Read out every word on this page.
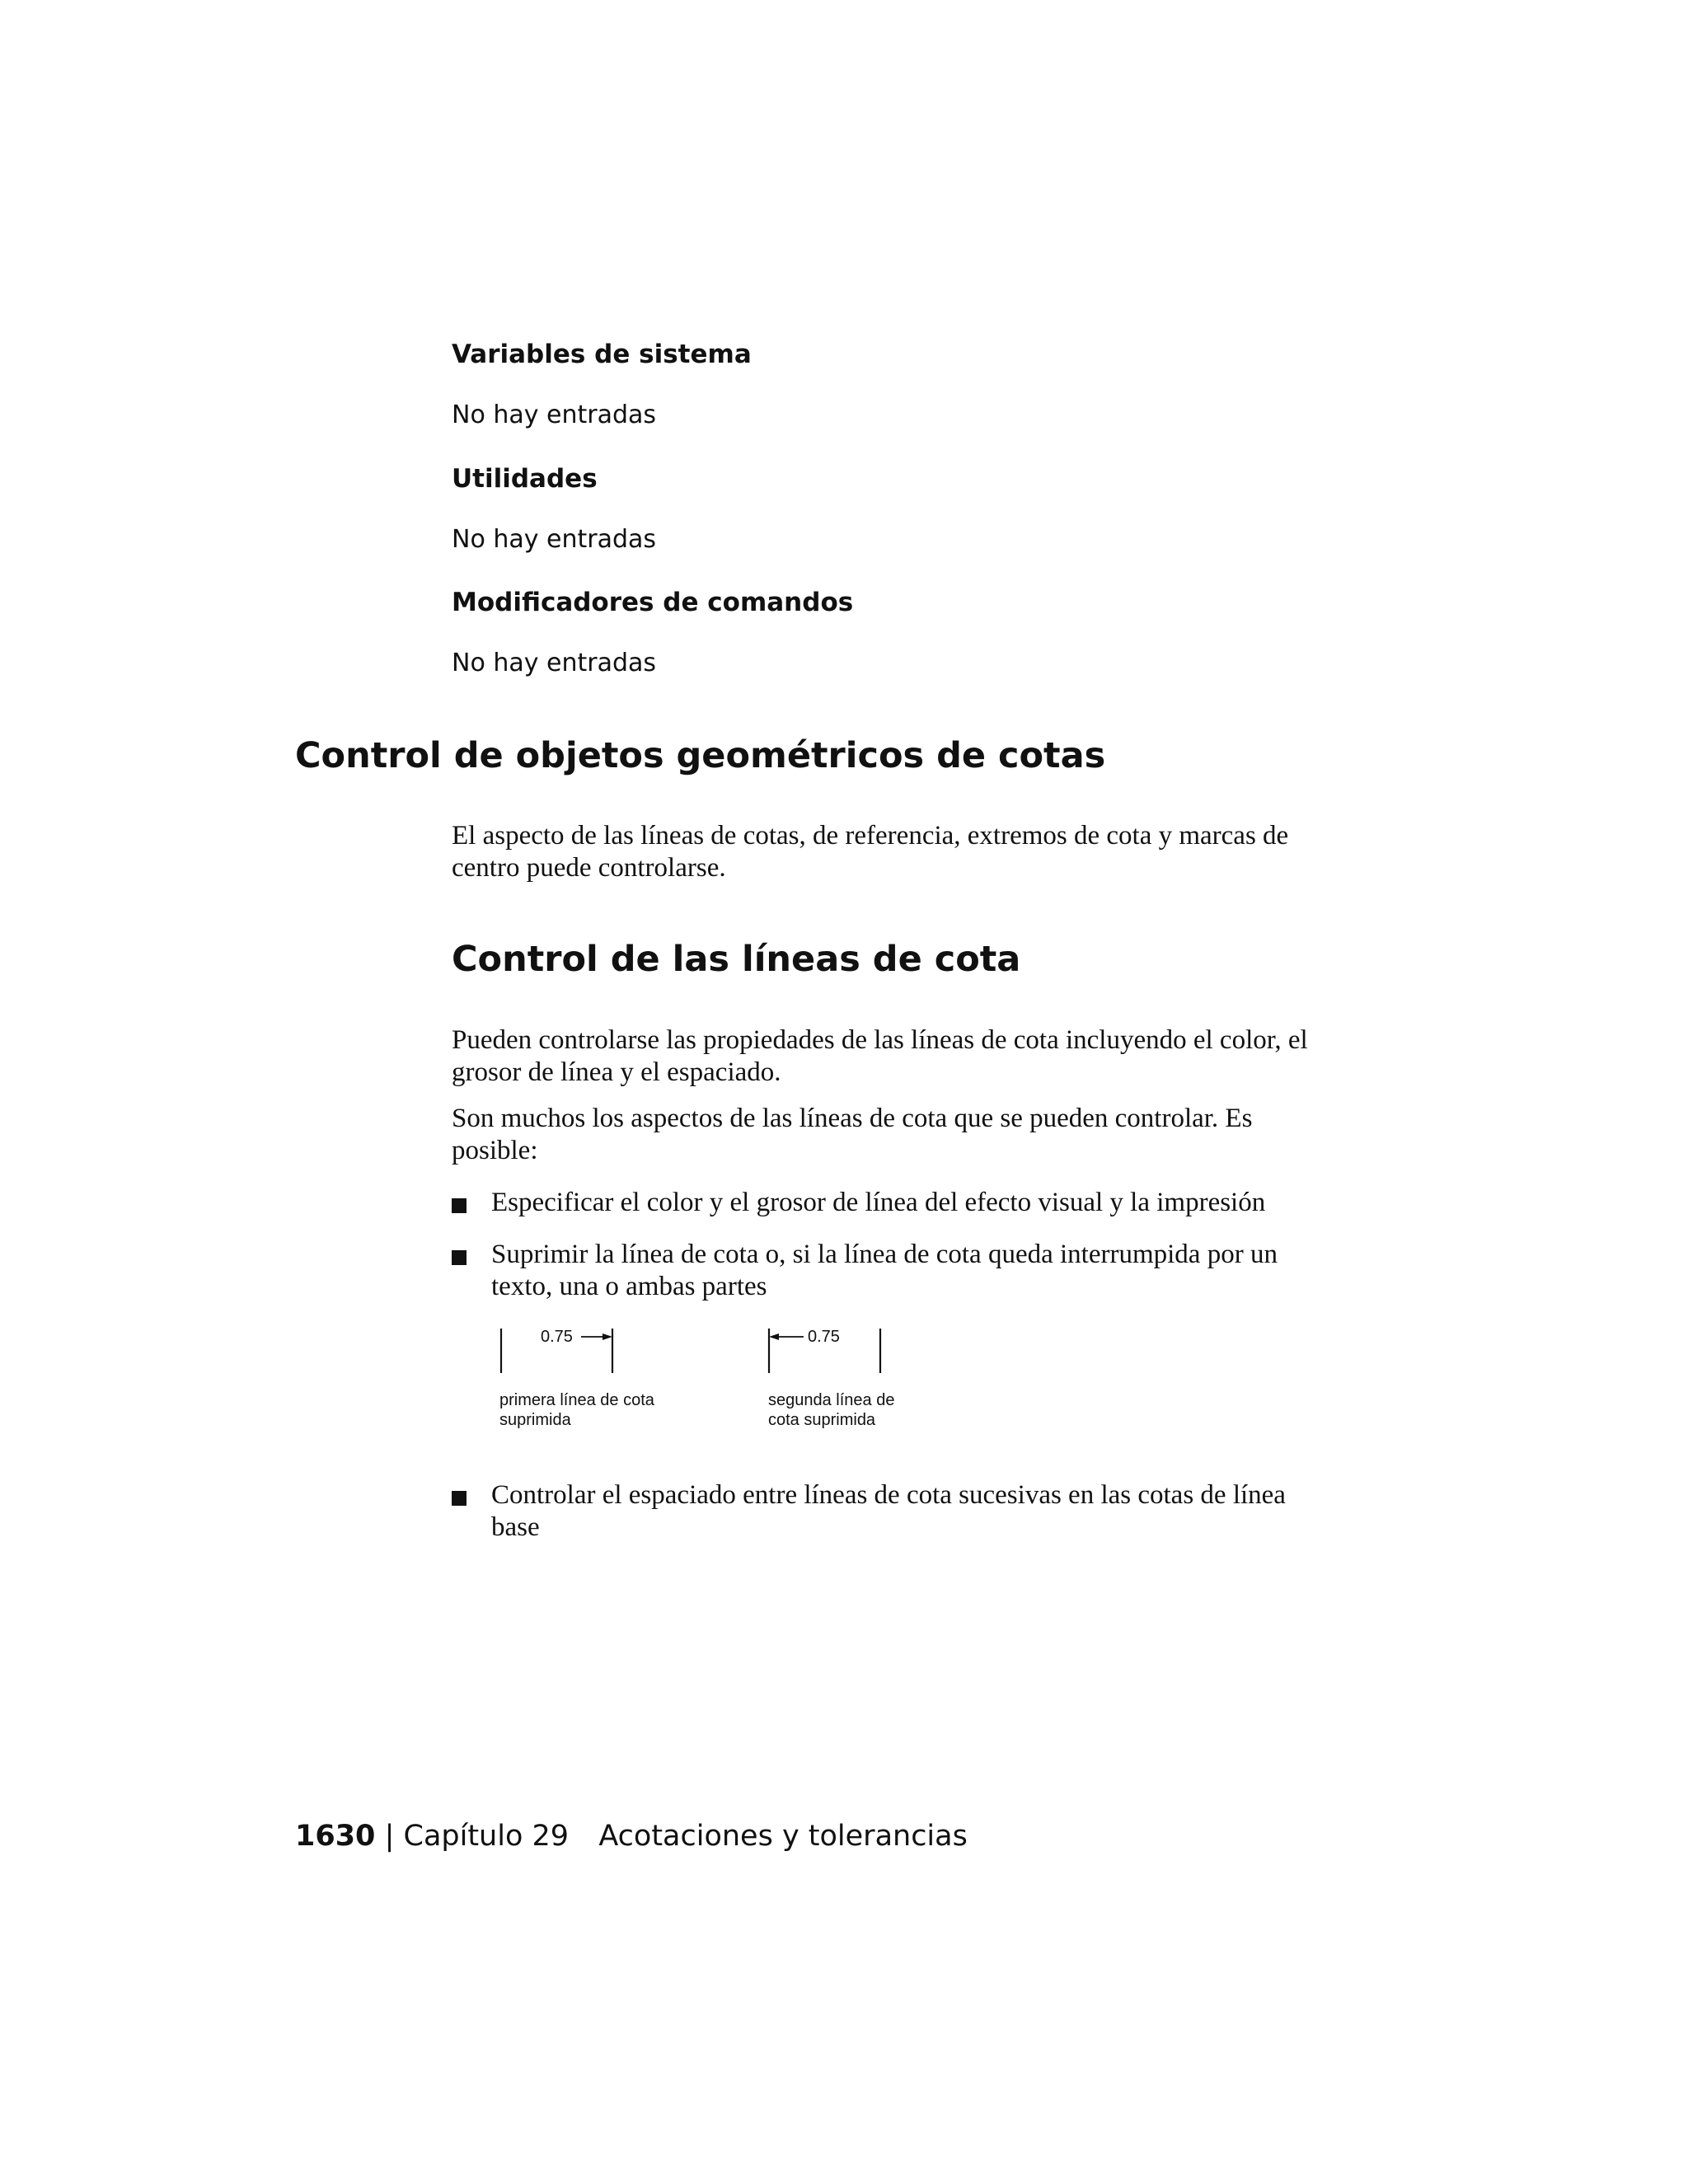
Variables de sistema
No hay entradas
Utilidades
No hay entradas
Modificadores de comandos
No hay entradas
Control de objetos geométricos de cotas
El aspecto de las líneas de cotas, de referencia, extremos de cota y marcas de centro puede controlarse.
Control de las líneas de cota
Pueden controlarse las propiedades de las líneas de cota incluyendo el color, el grosor de línea y el espaciado.
Son muchos los aspectos de las líneas de cota que se pueden controlar. Es posible:
Especificar el color y el grosor de línea del efecto visual y la impresión
Suprimir la línea de cota o, si la línea de cota queda interrumpida por un texto, una o ambas partes
0.75	0.75
primera línea de cota
suprimida
segunda línea de
cota suprimida
Controlar el espaciado entre líneas de cota sucesivas en las cotas de línea base
1630 | Capítulo 29 Acotaciones y tolerancias
